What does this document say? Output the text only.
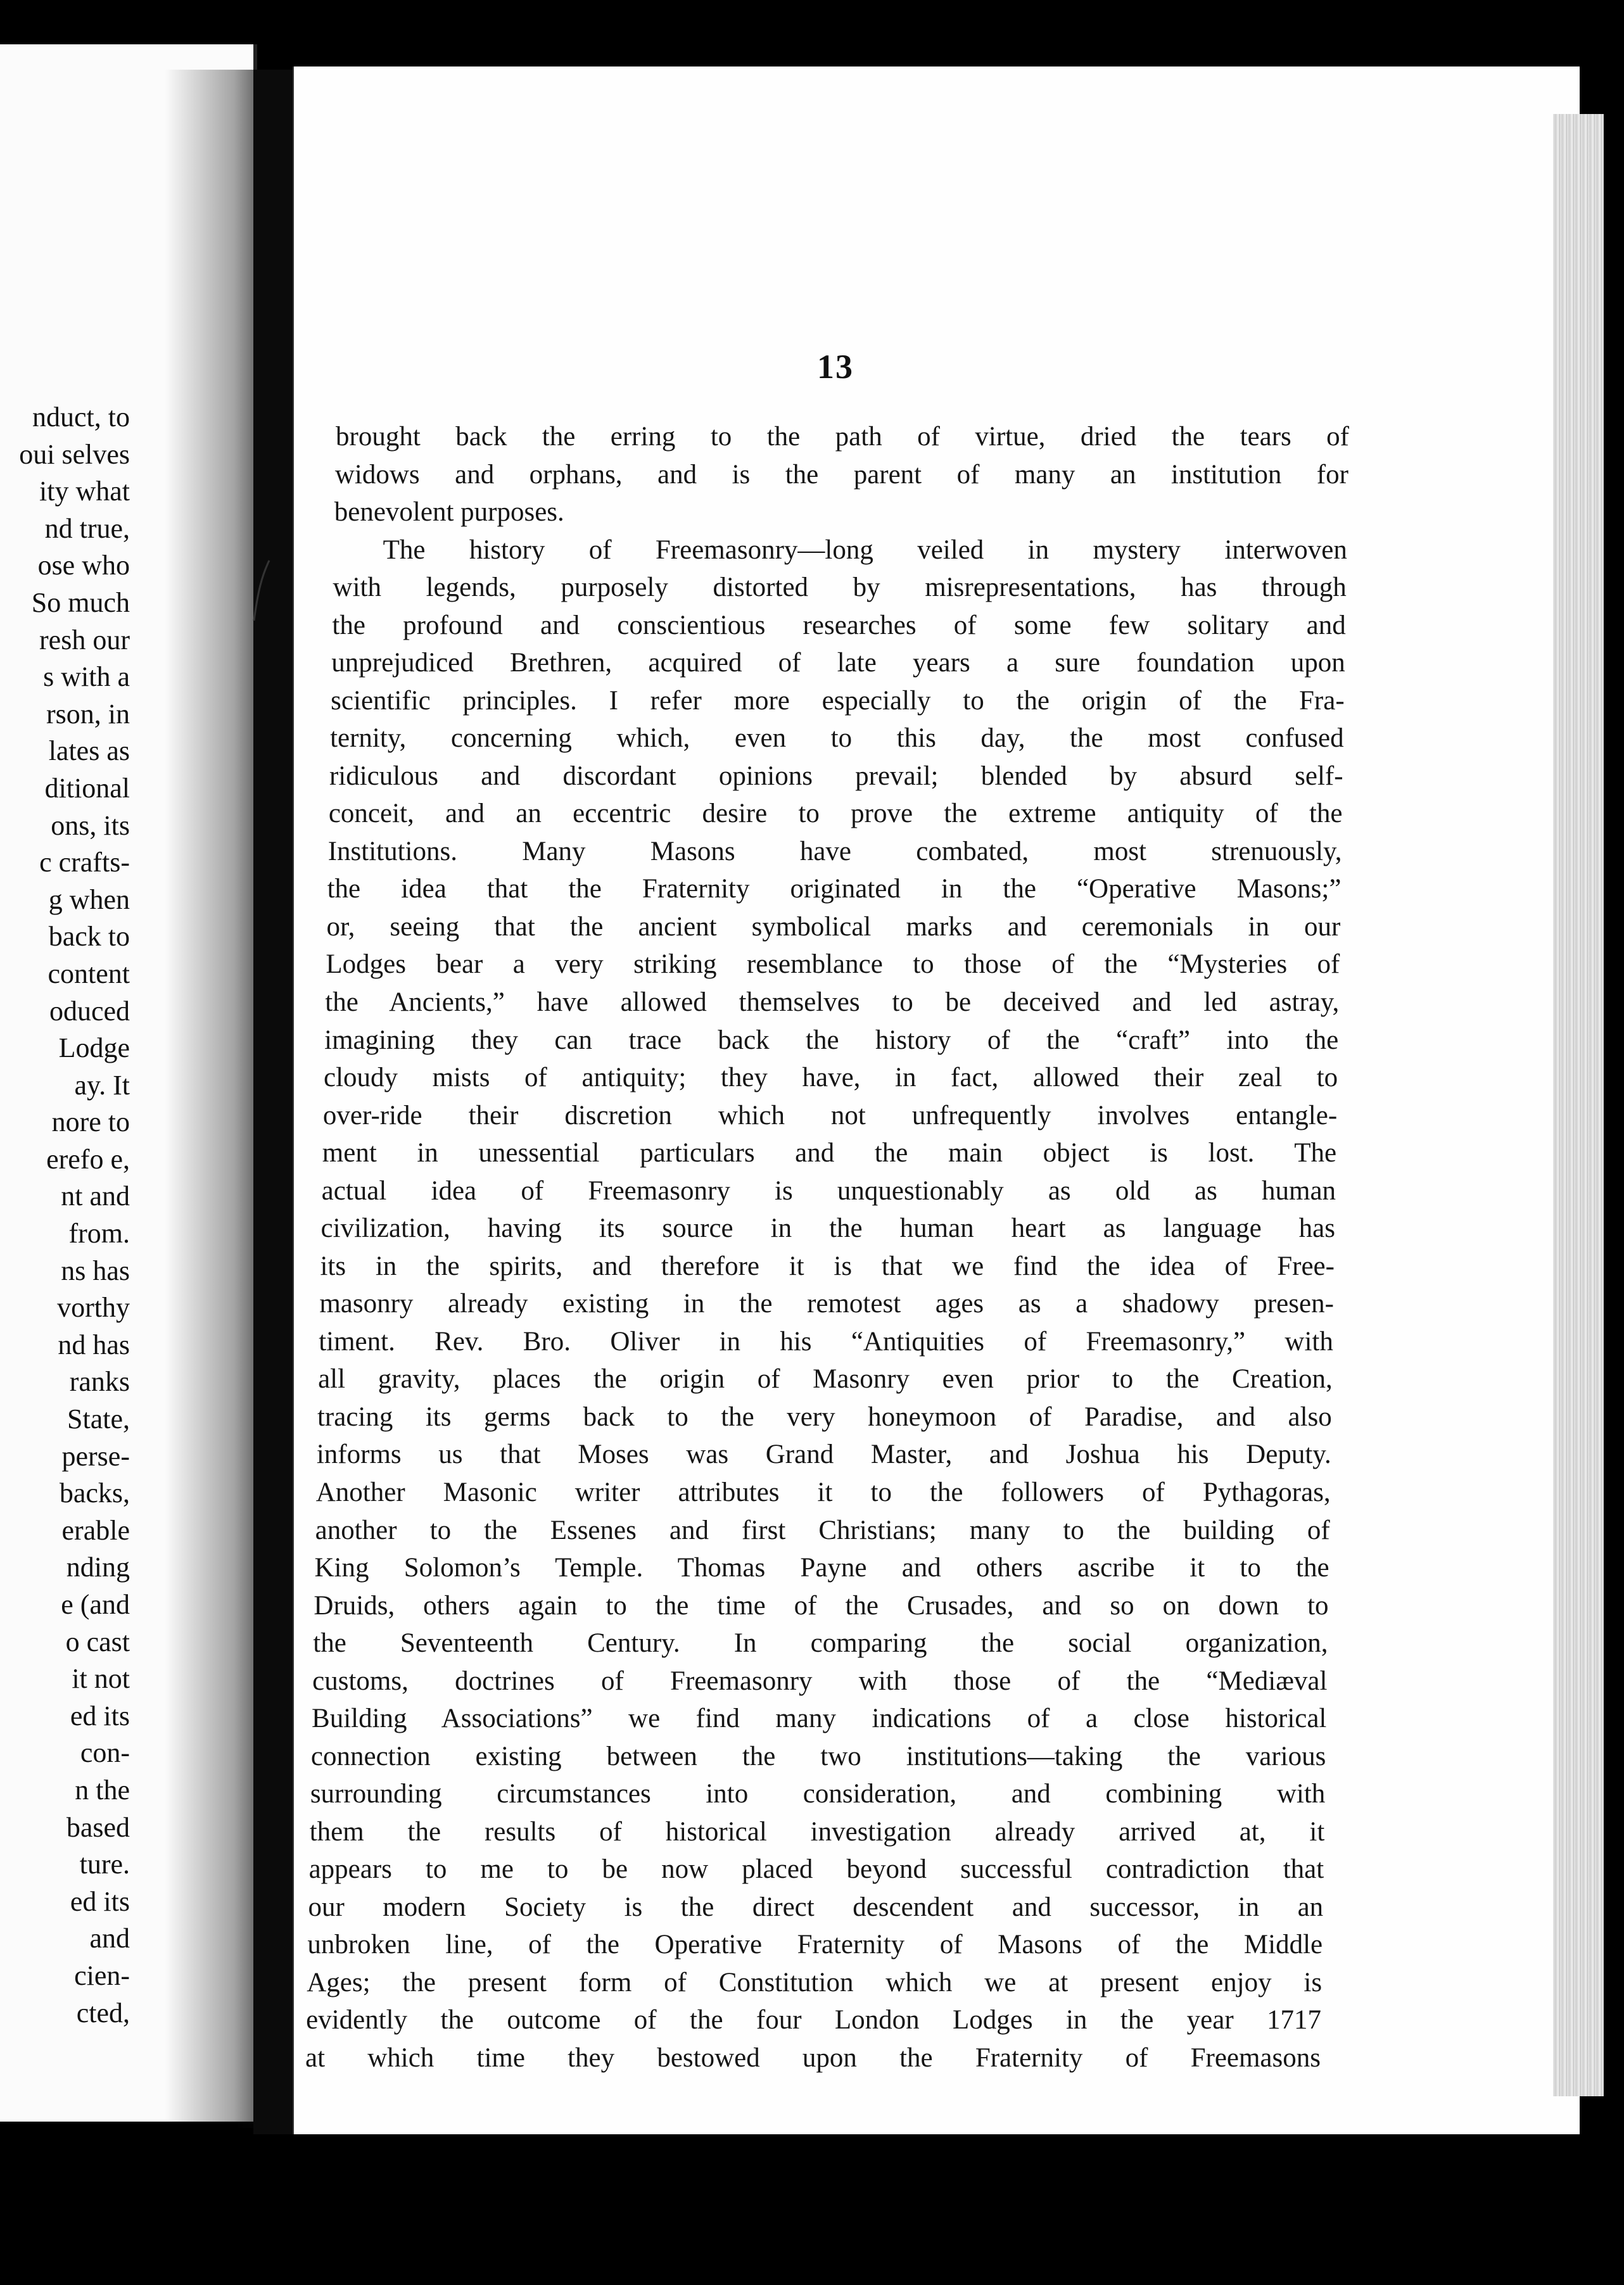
nduct, to
oui selves
ity what
nd true,
ose who
So much
resh our
s with a
rson, in
lates as
ditional
ons, its
c crafts-
g when
back to
content
oduced
Lodge
ay. It
nore to
erefo e,
nt and
from.
ns has
vorthy
nd has
ranks
State,
perse-
backs,
erable
nding
e (and
o cast
it not
ed its
con-
n the
based
ture.
ed its
and
cien-
cted,
13
brought back the erring to the path of virtue, dried the tears of
widows and orphans, and is the parent of many an institution for
benevolent purposes.
The history of Freemasonry—long veiled in mystery interwoven
with legends, purposely distorted by misrepresentations, has through
the profound and conscientious researches of some few solitary and
unprejudiced Brethren, acquired of late years a sure foundation upon
scientific principles. I refer more especially to the origin of the Fra-
ternity, concerning which, even to this day, the most confused
ridiculous and discordant opinions prevail; blended by absurd self-
conceit, and an eccentric desire to prove the extreme antiquity of the
Institutions. Many Masons have combated, most strenuously,
the idea that the Fraternity originated in the “Operative Masons;”
or, seeing that the ancient symbolical marks and ceremonials in our
Lodges bear a very striking resemblance to those of the “Mysteries of
the Ancients,” have allowed themselves to be deceived and led astray,
imagining they can trace back the history of the “craft” into the
cloudy mists of antiquity; they have, in fact, allowed their zeal to
over-ride their discretion which not unfrequently involves entangle-
ment in unessential particulars and the main object is lost. The
actual idea of Freemasonry is unquestionably as old as human
civilization, having its source in the human heart as language has
its in the spirits, and therefore it is that we find the idea of Free-
masonry already existing in the remotest ages as a shadowy presen-
timent. Rev. Bro. Oliver in his “Antiquities of Freemasonry,” with
all gravity, places the origin of Masonry even prior to the Creation,
tracing its germs back to the very honeymoon of Paradise, and also
informs us that Moses was Grand Master, and Joshua his Deputy.
Another Masonic writer attributes it to the followers of Pythagoras,
another to the Essenes and first Christians; many to the building of
King Solomon’s Temple. Thomas Payne and others ascribe it to the
Druids, others again to the time of the Crusades, and so on down to
the Seventeenth Century. In comparing the social organization,
customs, doctrines of Freemasonry with those of the “Mediæval
Building Associations” we find many indications of a close historical
connection existing between the two institutions—taking the various
surrounding circumstances into consideration, and combining with
them the results of historical investigation already arrived at, it
appears to me to be now placed beyond successful contradiction that
our modern Society is the direct descendent and successor, in an
unbroken line, of the Operative Fraternity of Masons of the Middle
Ages; the present form of Constitution which we at present enjoy is
evidently the outcome of the four London Lodges in the year 1717
at which time they bestowed upon the Fraternity of Freemasons
